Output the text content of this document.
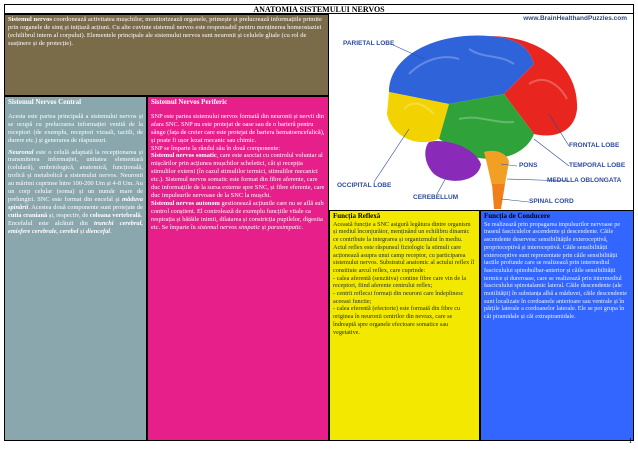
ANATOMIA SISTEMULUI NERVOS
Sistemul nervos coordonează activitatea mușchilor, monitorizează organele, primește și prelucrează informațiile primite prin organele de simț și inițiază acțiuni. Cu alte cuvinte sistemul nervos este responsabil pentru menținerea homeostaziei (echilibrul intern al corpului). Elementele principale ale sistemului nervos sunt neuronii și celulele gliale (cu rol de susținere și de protecție).
Sistemul Nervos Central
Acesta este partea principală a sistemului nervos și se ocupă cu prelucrarea informației venită de la receptori (de exemplu, receptori vizuali, tactili, de durere etc.) și generarea de răspunsuri.
Neuronul este o celulă adaptată la recepționarea și transmiterea informației, unitatea elementară (celulară), embriologică, anatomică, funcțională, trofică și metabolică a sistemului nervos. Neuronii au mărimi cuprinse între 100-200 Um și 4-8 Um. Au un corp celular (soma) și un număr mare de prelungiri. SNC este format din encefal și măduva spinării. Acestea două componente sunt protejate de cutia craniană și, respectiv, de coloana vertebrală.
Encefalul este alcătuit din trunchi cerebral, emisfere cerebrale, cerebel și diencefal.
Sistemul Nervos Periferic
SNP este partea sistemului nervos formată din neuronii și nervii din afara SNC. SNP nu este protejat de oase sau de o barieră pentru sânge (fața de creier care este protejat de bariera hematoencefalică), și poate fi ușor lezat mecanic sau chimic.
SNP se împarte la rândul său în două componente:
Sistemul nervos somatic, care este asociat cu controlul voluntar al mișcărilor prin acțiunea mușchilor scheletici, cât și recepția stimulilor externi (în cazul stimulilor termici, stimulilor mecanici etc.). Sistemul nervos somatic este format din fibre aferente, care duc informațiile de la sursa externe spre SNC, și fibre eferente, care duc impulsurile nervoase de la SNC la mușchi.
Sistemul nervos autonom gestionează acțiunile care nu se află sub control conștient. El controlează de exemplu funcțiile vitale ca respirația și bătăile inimii, dilatarea și constricția pupilelor, digestia etc. Se împarte în sistemul nervos simpatic și parasimpatic.
www.BrainHealthandPuzzles.com
PARIETAL LOBE
FRONTAL LOBE
PONS	TEMPORAL LOBE
OCCIPITAL LOBE
MEDULLA OBLONGATA
CEREBELLUM
SPINAL CORD
Funcția Reflexă
Această funcție a SNC asigură legătura dintre organism și mediul înconjurător, menținând un echilibru dinamic ce contribuie la integrarea și organizmului în mediu. Actul reflex este răspunsul fiziologic la stimuli care acționează asupra unui camp receptor, cu participarea sistemului nervos. Substratul anatomic al actului reflex îl constituie arcul reflex, care cuprinde:
- calea aferentă (senzitiva) contine fibre care vin de la receptori, fiind aferente centrului reflex;
- centrii reflecsi formați din neuroni care îndeplinesc aceeasi functie;
- calea eferentă (efectorie) este formată din fibre cu originea în neuronii centrilor din nevrax, care se îndreaptă spre organele efectoare somatice sau vegetative.
Funcția de Conducere
Se realizează prin propagarea impulsurilor nervoase pe traseul fasciculelor ascendente și descendente. Căile ascendente deservesc sensibilitățile exteroceptivă, proprioceptivă și interoceptivă. Căile sensibilității exteroceptive sunt reprezentate prin căile sensibilității tactile profunde care se realizează prin intermediul fasciculului spinobulbar-anterior și căile sensibilității termice și dureroase, care se realizează prin intermediul fasciculului spinotalamic lateral. Căile descendente (ale motilității) în substanța albă a măduvei, căile descendente sunt localizate în cordoanele anterioare sau ventrale și în părțile laterale a cordoanelor laterale. Ele se pot grupa în căi piramidale și căi extrapiramidale.
1
